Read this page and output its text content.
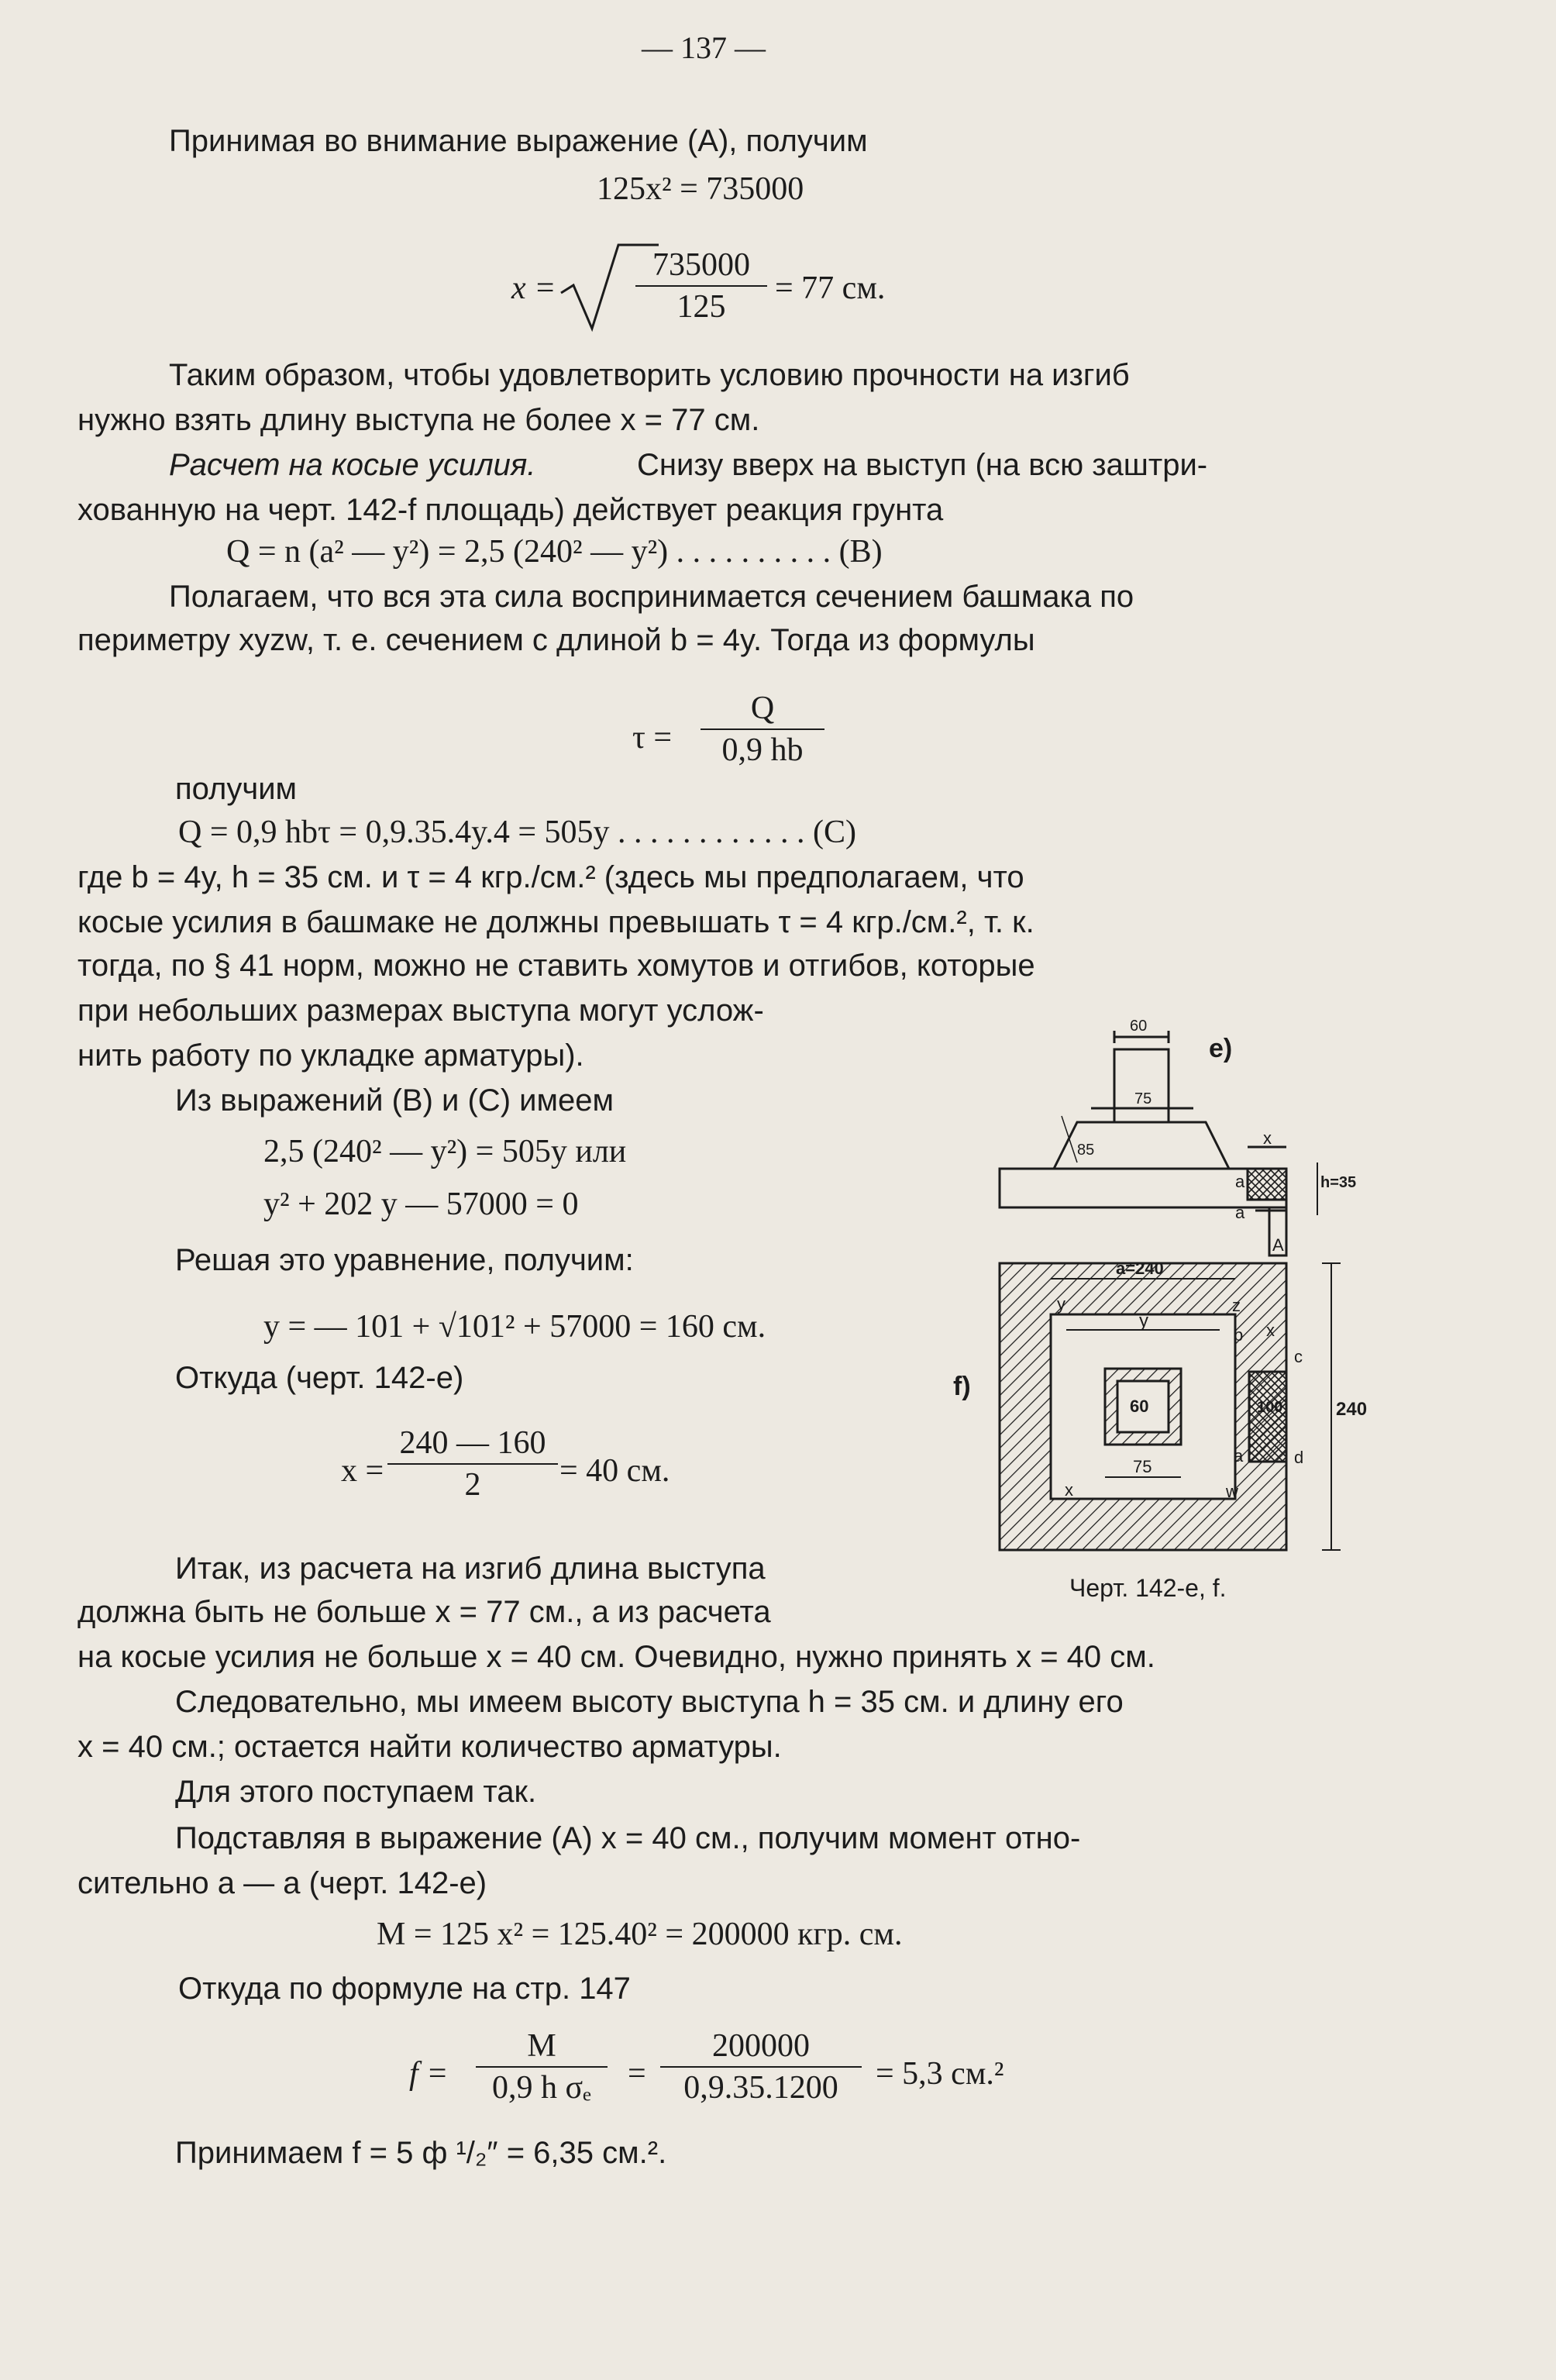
— 137 —
Принимая во внимание выражение (A), получим
125x² = 735000
$x = \frac{735000}{125} = 77$ см.
Таким образом, чтобы удовлетворить условию прочности на изгиб
нужно взять длину выступа не более x = 77 см.
Расчет на косые усилия.	Снизу вверх на выступ (на всю заштри-
хованную на черт. 142-f площадь) действует реакция грунта
Q = n (a² — y²) = 2,5 (240² — y²) . . . . . . . . . . (B)
Полагаем, что вся эта сила воспринимается сечением башмака по
периметру xyzw, т. е. сечением с длиной b = 4y. Тогда из формулы
$\tau = \frac{Q}{0,9 hb}$
получим
Q = 0,9 hbτ = 0,9.35.4y.4 = 505y . . . . . . . . . . . . (C)
где b = 4y, h = 35 см. и τ = 4 кгр./см.² (здесь мы предполагаем, что
косые усилия в башмаке не должны превышать τ = 4 кгр./см.², т. к.
тогда, по § 41 норм, можно не ставить хомутов и отгибов, которые
при небольших размерах выступа могут услож-
нить работу по укладке арматуры).
Из выражений (B) и (C) имеем
2,5 (240² — y²) = 505y или
y² + 202 y — 57000 = 0
Решая это уравнение, получим:
y = — 101 + √101² + 57000 = 160 см.
Откуда (черт. 142-е)
$x = \frac{240 — 160}{2} = 40$ см.
Итак, из расчета на изгиб длина выступа
должна быть не больше x = 77 см., а из расчета
на косые усилия не больше x = 40 см. Очевидно, нужно принять x = 40 см.
Следовательно, мы имеем высоту выступа h = 35 см. и длину его
x = 40 см.; остается найти количество арматуры.
Для этого поступаем так.
Подставляя в выражение (A) x = 40 см., получим момент отно-
сительно a — a (черт. 142-е)
M = 125 x² = 125.40² = 200000 кгр. см.
Откуда по формуле на стр. 147
$f = \frac{M}{\text{0,9 h σₑ}} = \frac{200000}{0,9.35.1200} = 5,3$ см.²
Принимаем f = 5 ф ¹/₂″ = 6,35 см.².
e)
60
75
85
x
h=35
a
a
A
f)
a=240
y
y
z
b x
c
100	240
60
a	d
75
x	w
Черт. 142-e, f.
